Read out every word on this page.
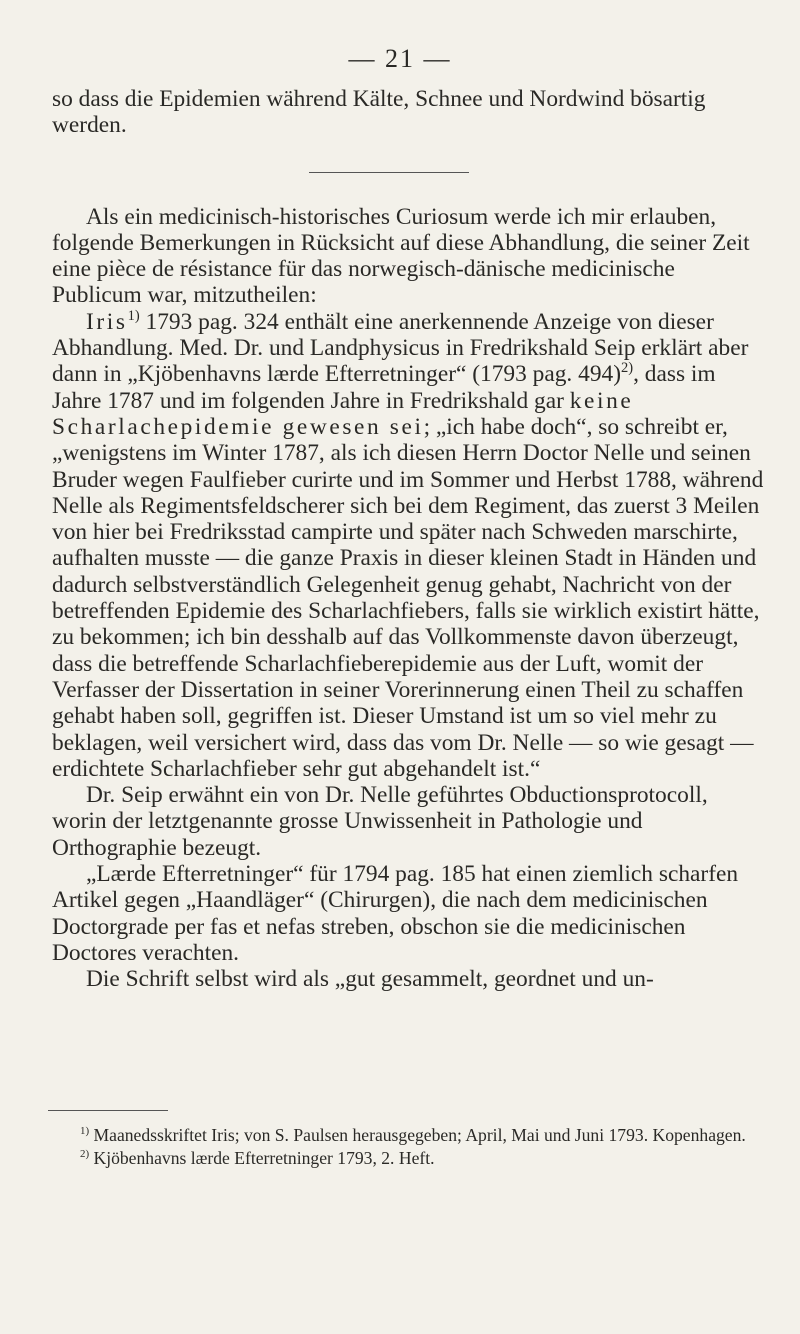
— 21 —

so dass die Epidemien während Kälte, Schnee und Nordwind bösartig werden.

Als ein medicinisch-historisches Curiosum werde ich mir erlauben, folgende Bemerkungen in Rücksicht auf diese Abhandlung, die seiner Zeit eine pièce de résistance für das norwegisch-dänische medicinische Publicum war, mitzutheilen:

Iris$^{1)}$ 1793 pag. 324 enthält eine anerkennende Anzeige von dieser Abhandlung. Med. Dr. und Landphysicus in Fredrikshald Seip erklärt aber dann in „Kjöbenhavns lærde Efterretninger“ (1793 pag. 494)$^{2)}$, dass im Jahre 1787 und im folgenden Jahre in Fredrikshald gar keine Scharlachepidemie gewesen sei; „ich habe doch“, so schreibt er, „wenigstens im Winter 1787, als ich diesen Herrn Doctor Nelle und seinen Bruder wegen Faulfieber curirte und im Sommer und Herbst 1788, während Nelle als Regimentsfeldscherer sich bei dem Regiment, das zuerst 3 Meilen von hier bei Fredriksstad campirte und später nach Schweden marschirte, aufhalten musste — die ganze Praxis in dieser kleinen Stadt in Händen und dadurch selbstverständlich Gelegenheit genug gehabt, Nachricht von der betreffenden Epidemie des Scharlachfiebers, falls sie wirklich existirt hätte, zu bekommen; ich bin desshalb auf das Vollkommenste davon überzeugt, dass die betreffende Scharlachfieberepidemie aus der Luft, womit der Verfasser der Dissertation in seiner Vorerinnerung einen Theil zu schaffen gehabt haben soll, gegriffen ist. Dieser Umstand ist um so viel mehr zu beklagen, weil versichert wird, dass das vom Dr. Nelle — so wie gesagt — erdichtete Scharlachfieber sehr gut abgehandelt ist.“

Dr. Seip erwähnt ein von Dr. Nelle geführtes Obductionsprotocoll, worin der letztgenannte grosse Unwissenheit in Pathologie und Orthographie bezeugt.

„Lærde Efterretninger“ für 1794 pag. 185 hat einen ziemlich scharfen Artikel gegen „Haandläger“ (Chirurgen), die nach dem medicinischen Doctorgrade per fas et nefas streben, obschon sie die medicinischen Doctores verachten.

Die Schrift selbst wird als „gut gesammelt, geordnet und un-

$^{1)}$ Maanedsskriftet Iris; von S. Paulsen herausgegeben; April, Mai und Juni 1793. Kopenhagen.

$^{2)}$ Kjöbenhavns lærde Efterretninger 1793, 2. Heft.
